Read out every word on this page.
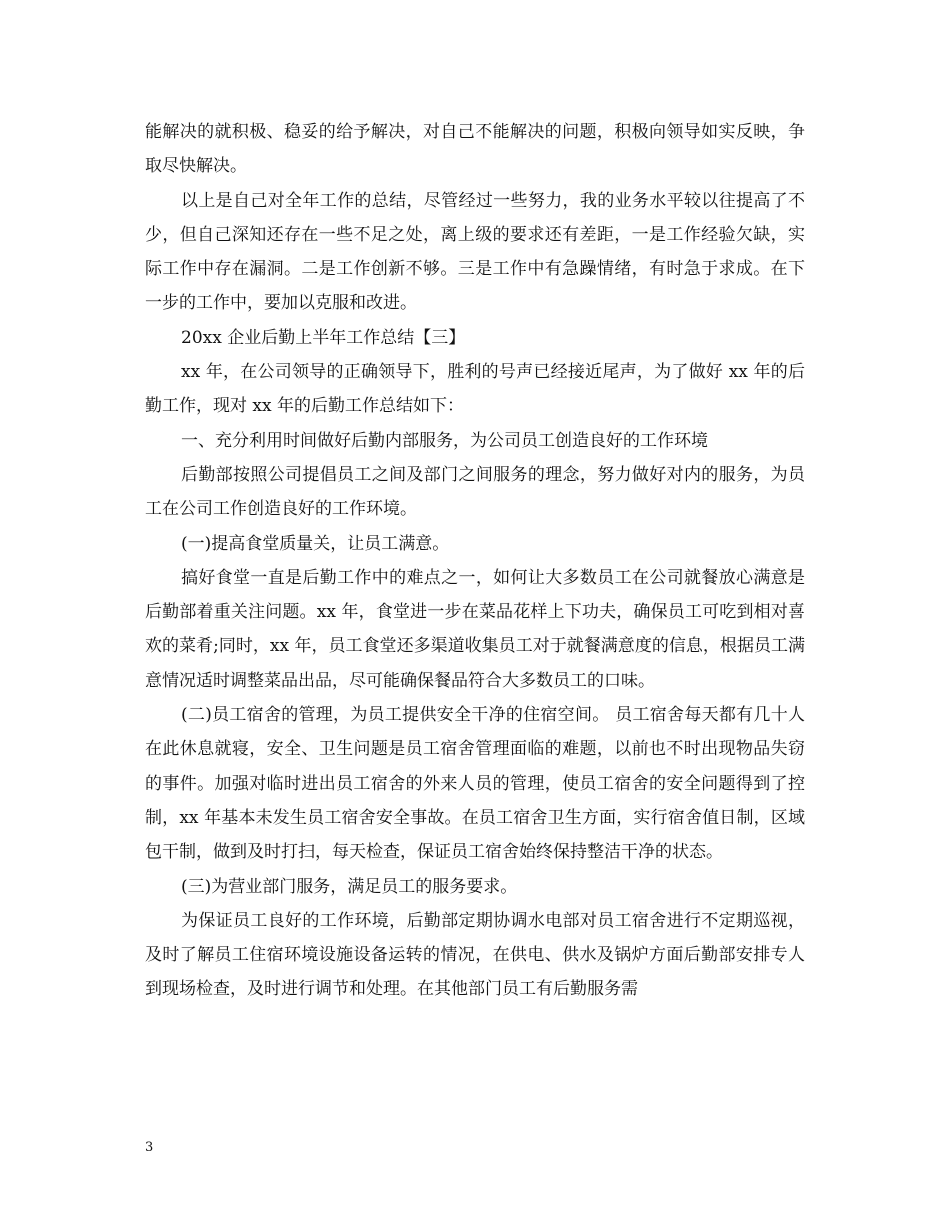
能解决的就积极、稳妥的给予解决，对自己不能解决的问题，积极向领导如实反映，争取尽快解决。

以上是自己对全年工作的总结，尽管经过一些努力，我的业务水平较以往提高了不少，但自己深知还存在一些不足之处，离上级的要求还有差距，一是工作经验欠缺，实际工作中存在漏洞。二是工作创新不够。三是工作中有急躁情绪，有时急于求成。在下一步的工作中，要加以克服和改进。

20xx 企业后勤上半年工作总结【三】

xx 年，在公司领导的正确领导下，胜利的号声已经接近尾声，为了做好 xx 年的后勤工作，现对 xx 年的后勤工作总结如下：

一、充分利用时间做好后勤内部服务，为公司员工创造良好的工作环境

后勤部按照公司提倡员工之间及部门之间服务的理念，努力做好对内的服务，为员工在公司工作创造良好的工作环境。

(一)提高食堂质量关，让员工满意。

搞好食堂一直是后勤工作中的难点之一，如何让大多数员工在公司就餐放心满意是后勤部着重关注问题。xx 年，食堂进一步在菜品花样上下功夫，确保员工可吃到相对喜欢的菜肴;同时，xx 年，员工食堂还多渠道收集员工对于就餐满意度的信息，根据员工满意情况适时调整菜品出品，尽可能确保餐品符合大多数员工的口味。

(二)员工宿舍的管理，为员工提供安全干净的住宿空间。 员工宿舍每天都有几十人在此休息就寝，安全、卫生问题是员工宿舍管理面临的难题，以前也不时出现物品失窃的事件。加强对临时进出员工宿舍的外来人员的管理，使员工宿舍的安全问题得到了控制，xx 年基本未发生员工宿舍安全事故。在员工宿舍卫生方面，实行宿舍值日制，区域包干制，做到及时打扫，每天检查，保证员工宿舍始终保持整洁干净的状态。

(三)为营业部门服务，满足员工的服务要求。

为保证员工良好的工作环境，后勤部定期协调水电部对员工宿舍进行不定期巡视，及时了解员工住宿环境设施设备运转的情况，在供电、供水及锅炉方面后勤部安排专人到现场检查，及时进行调节和处理。在其他部门员工有后勤服务需

3
